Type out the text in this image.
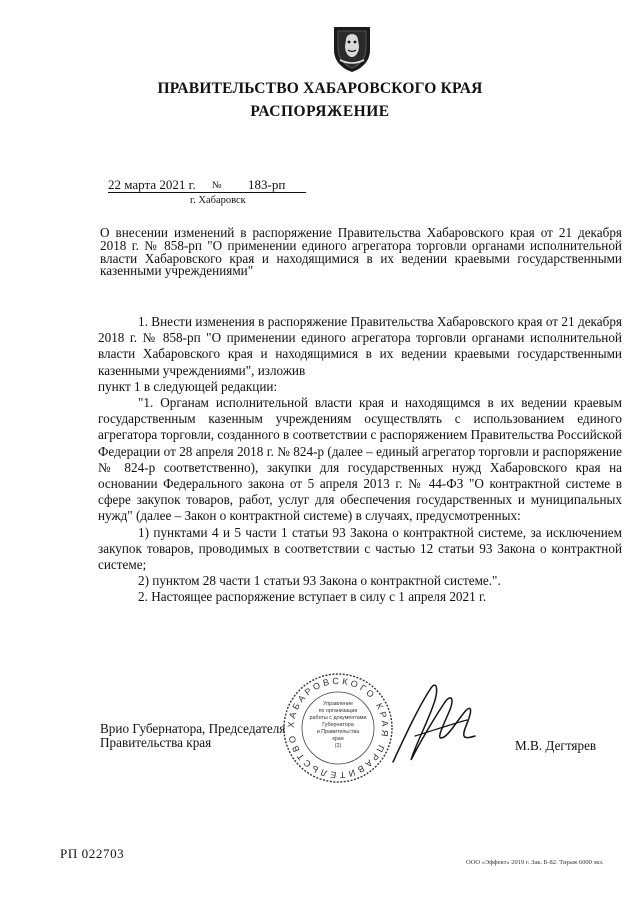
ПРАВИТЕЛЬСТВО ХАБАРОВСКОГО КРАЯ
РАСПОРЯЖЕНИЕ
22 марта 2021 г. № 183-рп
г. Хабаровск
О внесении изменений в распоряжение Правительства Хабаровского края от 21 декабря 2018 г. № 858-рп "О применении единого агрегатора торговли органами исполнительной власти Хабаровского края и находящимися в их ведении краевыми государственными казенными учреждениями"

1. Внести изменения в распоряжение Правительства Хабаровского края от 21 декабря 2018 г. № 858-рп "О применении единого агрегатора торговли органами исполнительной власти Хабаровского края и находящимися в их ведении краевыми государственными казенными учреждениями", изложив

пункт 1 в следующей редакции:

"1. Органам исполнительной власти края и находящимся в их ведении краевым государственным казенным учреждениям осуществлять с использованием единого агрегатора торговли, созданного в соответствии с распоряжением Правительства Российской Федерации от 28 апреля 2018 г. № 824-р (далее – единый агрегатор торговли и распоряжение № 824-р соответственно), закупки для государственных нужд Хабаровского края на основании Федерального закона от 5 апреля 2013 г. № 44-ФЗ "О контрактной системе в сфере закупок товаров, работ, услуг для обеспечения государственных и муниципальных нужд" (далее – Закон о контрактной системе) в случаях, предусмотренных:

1) пунктами 4 и 5 части 1 статьи 93 Закона о контрактной системе, за исключением закупок товаров, проводимых в соответствии с частью 12 статьи 93 Закона о контрактной системе;

2) пунктом 28 части 1 статьи 93 Закона о контрактной системе.".

2. Настоящее распоряжение вступает в силу с 1 апреля 2021 г.

Врио Губернатора, Председателя
Правительства края
ХАБАРОВСКОГО КРАЯ ПРАВИТЕЛЬСТВО
Управление
по организации
работы с документами
Губернатора
и Правительства
края
(2)	М.В. Дегтярев
РП 022703
ООО «Эффект» 2019 г. Зак. Б-82. Тираж 6000 экз.
